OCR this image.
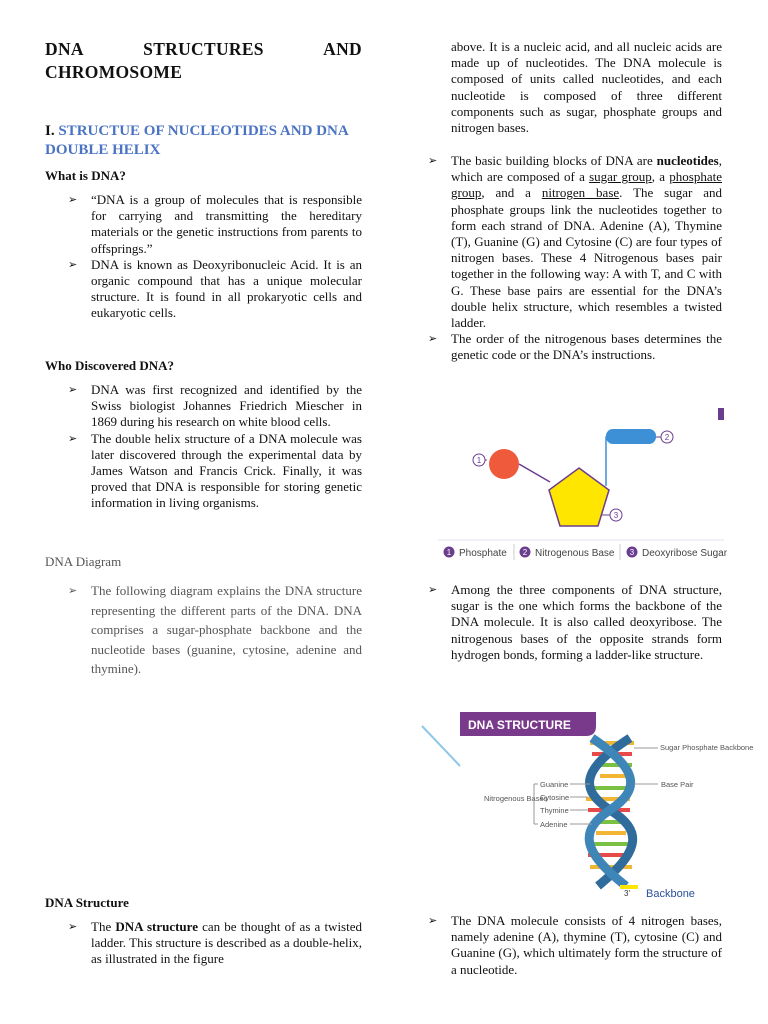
DNA	STRUCTURES	AND
CHROMOSOME
I. STRUCTUE OF NUCLEOTIDES AND DNA DOUBLE HELIX
What is DNA?
➢ “DNA is a group of molecules that is responsible for carrying and transmitting the hereditary materials or the genetic instructions from parents to offsprings.”
➢ DNA is known as Deoxyribonucleic Acid. It is an organic compound that has a unique molecular structure. It is found in all prokaryotic cells and eukaryotic cells.
Who Discovered DNA?
➢ DNA was first recognized and identified by the Swiss biologist Johannes Friedrich Miescher in 1869 during his research on white blood cells.
➢ The double helix structure of a DNA molecule was later discovered through the experimental data by James Watson and Francis Crick. Finally, it was proved that DNA is responsible for storing genetic information in living organisms.
DNA Diagram
➢ The following diagram explains the DNA structure representing the different parts of the DNA. DNA comprises a sugar-phosphate backbone and the nucleotide bases (guanine, cytosine, adenine and thymine).
DNA Structure
➢ The DNA structure can be thought of as a twisted ladder. This structure is described as a double-helix, as illustrated in the figure
above. It is a nucleic acid, and all nucleic acids are made up of nucleotides. The DNA molecule is composed of units called nucleotides, and each nucleotide is composed of three different components such as sugar, phosphate groups and nitrogen bases.
➢ The basic building blocks of DNA are nucleotides, which are composed of a sugar group, a phosphate group, and a nitrogen base. The sugar and phosphate groups link the nucleotides together to form each strand of DNA. Adenine (A), Thymine (T), Guanine (G) and Cytosine (C) are four types of nitrogen bases. These 4 Nitrogenous bases pair together in the following way: A with T, and C with G. These base pairs are essential for the DNA’s double helix structure, which resembles a twisted ladder.
➢ The order of the nitrogenous bases determines the genetic code or the DNA’s instructions.
1
2
3
1 Phosphate 2 Nitrogenous Base 3 Deoxyribose Sugar
➢ Among the three components of DNA structure, sugar is the one which forms the backbone of the DNA molecule. It is also called deoxyribose. The nitrogenous bases of the opposite strands form hydrogen bonds, forming a ladder-like structure.
DNA STRUCTURE
Sugar Phosphate Backbone
Base Pair
Nitrogenous Bases
Guanine
Cytosine
Thymine
Adenine
3' Backbone
➢ The DNA molecule consists of 4 nitrogen bases, namely adenine (A), thymine (T), cytosine (C) and Guanine (G), which ultimately form the structure of a nucleotide.
